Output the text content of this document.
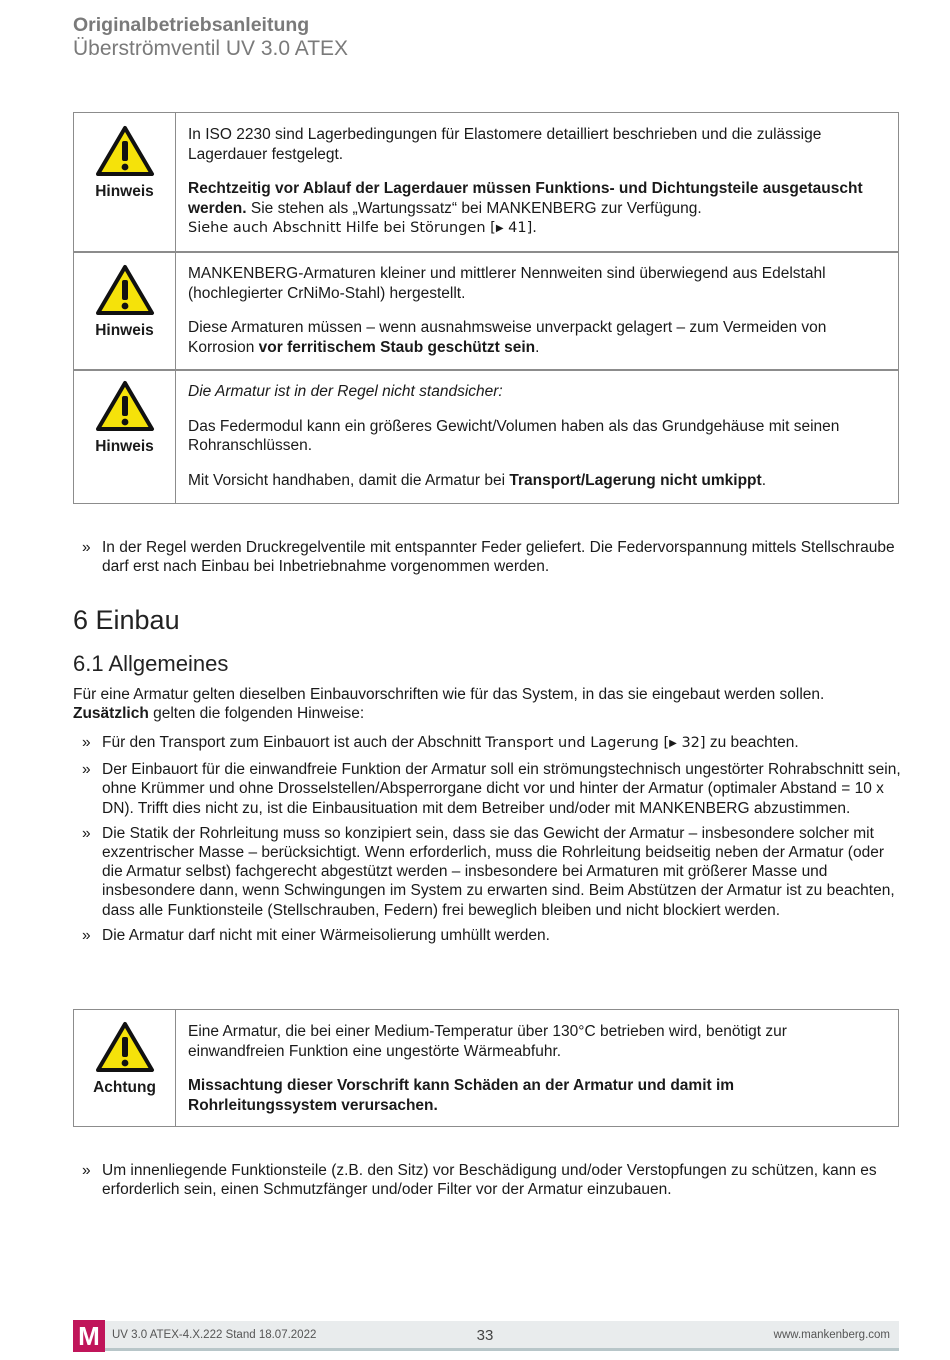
Originalbetriebsanleitung
Überströmventil UV 3.0 ATEX
Hinweis

In ISO 2230 sind Lagerbedingungen für Elastomere detailliert beschrieben und die zulässige Lagerdauer festgelegt.

Rechtzeitig vor Ablauf der Lagerdauer müssen Funktions- und Dichtungsteile ausgetauscht werden. Sie stehen als „Wartungssatz“ bei MANKENBERG zur Verfügung.
Siehe auch Abschnitt Hilfe bei Störungen [▶ 41].

Hinweis

MANKENBERG-Armaturen kleiner und mittlerer Nennweiten sind überwiegend aus Edelstahl (hochlegierter CrNiMo-Stahl) hergestellt.

Diese Armaturen müssen – wenn ausnahmsweise unverpackt gelagert – zum Vermeiden von Korrosion vor ferritischem Staub geschützt sein.

Hinweis

Die Armatur ist in der Regel nicht standsicher:

Das Federmodul kann ein größeres Gewicht/Volumen haben als das Grundgehäuse mit seinen Rohranschlüssen.

Mit Vorsicht handhaben, damit die Armatur bei Transport/Lagerung nicht umkippt.

» In der Regel werden Druckregelventile mit entspannter Feder geliefert. Die Federvorspannung mittels Stellschraube darf erst nach Einbau bei Inbetriebnahme vorgenommen werden.
6 Einbau
6.1 Allgemeines

Für eine Armatur gelten dieselben Einbauvorschriften wie für das System, in das sie eingebaut werden sollen.
Zusätzlich gelten die folgenden Hinweise:

» Für den Transport zum Einbauort ist auch der Abschnitt Transport und Lagerung [▶ 32] zu beachten.
» Der Einbauort für die einwandfreie Funktion der Armatur soll ein strömungstechnisch ungestörter Rohrabschnitt sein, ohne Krümmer und ohne Drosselstellen/Absperrorgane dicht vor und hinter der Armatur (optimaler Abstand = 10 x DN). Trifft dies nicht zu, ist die Einbausituation mit dem Betreiber und/oder mit MANKENBERG abzustimmen.
» Die Statik der Rohrleitung muss so konzipiert sein, dass sie das Gewicht der Armatur – insbesondere solcher mit exzentrischer Masse – berücksichtigt. Wenn erforderlich, muss die Rohrleitung beidseitig neben der Armatur (oder die Armatur selbst) fachgerecht abgestützt werden – insbesondere bei Armaturen mit größerer Masse und insbesondere dann, wenn Schwingungen im System zu erwarten sind. Beim Abstützen der Armatur ist zu beachten, dass alle Funktionsteile (Stellschrauben, Federn) frei beweglich bleiben und nicht blockiert werden.
» Die Armatur darf nicht mit einer Wärmeisolierung umhüllt werden.
Achtung

Eine Armatur, die bei einer Medium-Temperatur über 130°C betrieben wird, benötigt zur einwandfreien Funktion eine ungestörte Wärmeabfuhr.

Missachtung dieser Vorschrift kann Schäden an der Armatur und damit im Rohrleitungssystem verursachen.

» Um innenliegende Funktionsteile (z.B. den Sitz) vor Beschädigung und/oder Verstopfungen zu schützen, kann es erforderlich sein, einen Schmutzfänger und/oder Filter vor der Armatur einzubauen.
M	UV 3.0 ATEX-4.X.222 Stand 18.07.2022	33	www.mankenberg.com
